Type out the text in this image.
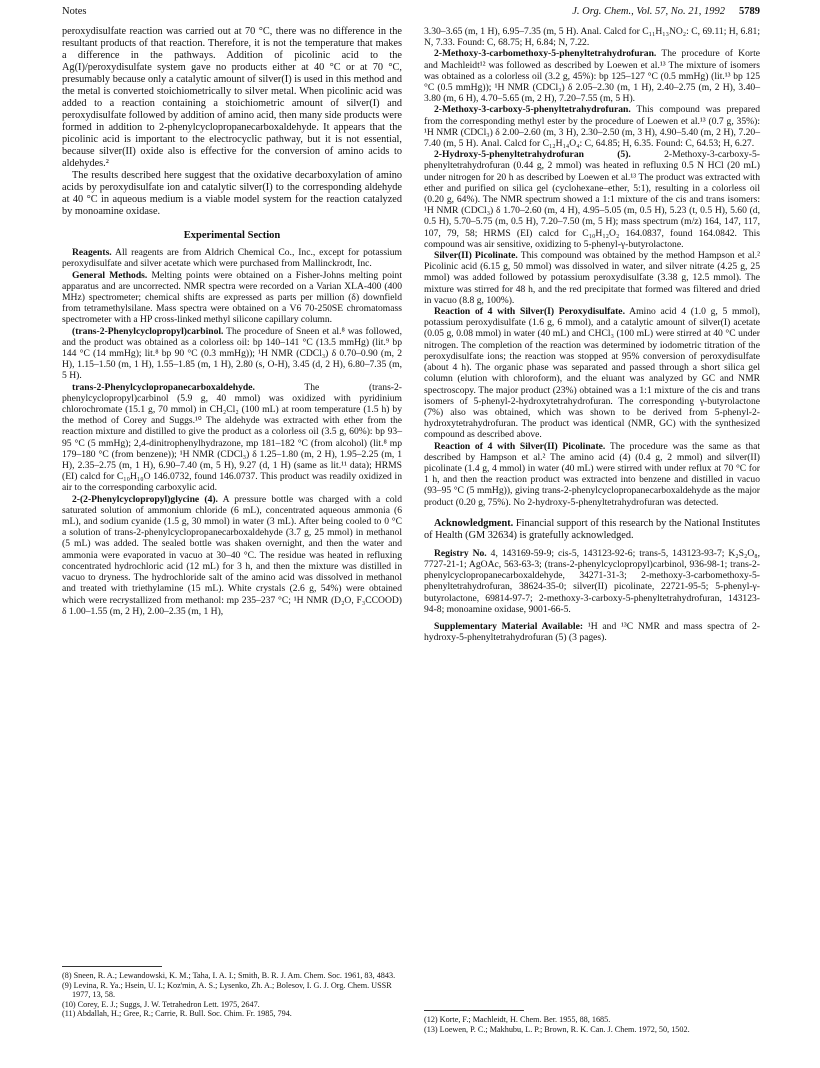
Notes	J. Org. Chem., Vol. 57, No. 21, 1992 5789

peroxydisulfate reaction was carried out at 70 °C, there was no difference in the resultant products of that reaction. Therefore, it is not the temperature that makes a difference in the pathways. Addition of picolinic acid to the Ag(I)/peroxydisulfate system gave no products either at 40 °C or at 70 °C, presumably because only a catalytic amount of silver(I) is used in this method and the metal is converted stoichiometrically to silver metal. When picolinic acid was added to a reaction containing a stoichiometric amount of silver(I) and peroxydisulfate followed by addition of amino acid, then many side products were formed in addition to 2-phenylcyclopropanecarboxaldehyde. It appears that the picolinic acid is important to the electrocyclic pathway, but it is not essential, because silver(II) oxide also is effective for the conversion of amino acids to aldehydes.²

The results described here suggest that the oxidative decarboxylation of amino acids by peroxydisulfate ion and catalytic silver(I) to the corresponding aldehyde at 40 °C in aqueous medium is a viable model system for the reaction catalyzed by monoamine oxidase.

Experimental Section

Reagents. All reagents are from Aldrich Chemical Co., Inc., except for potassium peroxydisulfate and silver acetate which were purchased from Mallinckrodt, Inc.

General Methods. Melting points were obtained on a Fisher-Johns melting point apparatus and are uncorrected. NMR spectra were recorded on a Varian XLA-400 (400 MHz) spectrometer; chemical shifts are expressed as parts per million (δ) downfield from tetramethylsilane. Mass spectra were obtained on a V6 70-250SE chromatomass spectrometer with a HP cross-linked methyl silicone capillary column.

(trans-2-Phenylcyclopropyl)carbinol. The procedure of Sneen et al.⁸ was followed, and the product was obtained as a colorless oil: bp 140–141 °C (13.5 mmHg) (lit.⁹ bp 144 °C (14 mmHg); lit.⁸ bp 90 °C (0.3 mmHg)); ¹H NMR (CDCl₃) δ 0.70–0.90 (m, 2 H), 1.15–1.50 (m, 1 H), 1.55–1.85 (m, 1 H), 2.80 (s, O-H), 3.45 (d, 2 H), 6.80–7.35 (m, 5 H).

trans-2-Phenylcyclopropanecarboxaldehyde. The (trans-2-phenylcyclopropyl)carbinol (5.9 g, 40 mmol) was oxidized with pyridinium chlorochromate (15.1 g, 70 mmol) in CH₂Cl₂ (100 mL) at room temperature (1.5 h) by the method of Corey and Suggs.¹⁰ The aldehyde was extracted with ether from the reaction mixture and distilled to give the product as a colorless oil (3.5 g, 60%): bp 93–95 °C (5 mmHg); 2,4-dinitrophenylhydrazone, mp 181–182 °C (from alcohol) (lit.⁸ mp 179–180 °C (from benzene)); ¹H NMR (CDCl₃) δ 1.25–1.80 (m, 2 H), 1.95–2.25 (m, 1 H), 2.35–2.75 (m, 1 H), 6.90–7.40 (m, 5 H), 9.27 (d, 1 H) (same as lit.¹¹ data); HRMS (EI) calcd for C₁₀H₁₀O 146.0732, found 146.0737. This product was readily oxidized in air to the corresponding carboxylic acid.

2-(2-Phenylcyclopropyl)glycine (4). A pressure bottle was charged with a cold saturated solution of ammonium chloride (6 mL), concentrated aqueous ammonia (6 mL), and sodium cyanide (1.5 g, 30 mmol) in water (3 mL). After being cooled to 0 °C a solution of trans-2-phenylcyclopropanecarboxaldehyde (3.7 g, 25 mmol) in methanol (5 mL) was added. The sealed bottle was shaken overnight, and then the water and ammonia were evaporated in vacuo at 30–40 °C. The residue was heated in refluxing concentrated hydrochloric acid (12 mL) for 3 h, and then the mixture was distilled in vacuo to dryness. The hydrochloride salt of the amino acid was dissolved in methanol and treated with triethylamine (15 mL). White crystals (2.6 g, 54%) were obtained which were recrystallized from methanol: mp 235–237 °C; ¹H NMR (D₂O, F₃CCOOD) δ 1.00–1.55 (m, 2 H), 2.00–2.35 (m, 1 H),

3.30–3.65 (m, 1 H), 6.95–7.35 (m, 5 H). Anal. Calcd for C₁₁H₁₃NO₂: C, 69.11; H, 6.81; N, 7.33. Found: C, 68.75; H, 6.84; N, 7.22.

2-Methoxy-3-carbomethoxy-5-phenyltetrahydrofuran. The procedure of Korte and Machleidt¹² was followed as described by Loewen et al.¹³ The mixture of isomers was obtained as a colorless oil (3.2 g, 45%): bp 125–127 °C (0.5 mmHg) (lit.¹³ bp 125 °C (0.5 mmHg)); ¹H NMR (CDCl₃) δ 2.05–2.30 (m, 1 H), 2.40–2.75 (m, 2 H), 3.40–3.80 (m, 6 H), 4.70–5.65 (m, 2 H), 7.20–7.55 (m, 5 H).

2-Methoxy-3-carboxy-5-phenyltetrahydrofuran. This compound was prepared from the corresponding methyl ester by the procedure of Loewen et al.¹³ (0.7 g, 35%): ¹H NMR (CDCl₃) δ 2.00–2.60 (m, 3 H), 2.30–2.50 (m, 3 H), 4.90–5.40 (m, 2 H), 7.20–7.40 (m, 5 H). Anal. Calcd for C₁₂H₁₄O₄: C, 64.85; H, 6.35. Found: C, 64.53; H, 6.27.

2-Hydroxy-5-phenyltetrahydrofuran (5). 2-Methoxy-3-carboxy-5-phenyltetrahydrofuran (0.44 g, 2 mmol) was heated in refluxing 0.5 N HCl (20 mL) under nitrogen for 20 h as described by Loewen et al.¹³ The product was extracted with ether and purified on silica gel (cyclohexane–ether, 5:1), resulting in a colorless oil (0.20 g, 64%). The NMR spectrum showed a 1:1 mixture of the cis and trans isomers: ¹H NMR (CDCl₃) δ 1.70–2.60 (m, 4 H), 4.95–5.05 (m, 0.5 H), 5.23 (t, 0.5 H), 5.60 (d, 0.5 H), 5.70–5.75 (m, 0.5 H), 7.20–7.50 (m, 5 H); mass spectrum (m/z) 164, 147, 117, 107, 79, 58; HRMS (EI) calcd for C₁₀H₁₂O₂ 164.0837, found 164.0842. This compound was air sensitive, oxidizing to 5-phenyl-γ-butyrolactone.

Silver(II) Picolinate. This compound was obtained by the method Hampson et al.² Picolinic acid (6.15 g, 50 mmol) was dissolved in water, and silver nitrate (4.25 g, 25 mmol) was added followed by potassium peroxydisulfate (3.38 g, 12.5 mmol). The mixture was stirred for 48 h, and the red precipitate that formed was filtered and dried in vacuo (8.8 g, 100%).

Reaction of 4 with Silver(I) Peroxydisulfate. Amino acid 4 (1.0 g, 5 mmol), potassium peroxydisulfate (1.6 g, 6 mmol), and a catalytic amount of silver(I) acetate (0.05 g, 0.08 mmol) in water (40 mL) and CHCl₃ (100 mL) were stirred at 40 °C under nitrogen. The completion of the reaction was determined by iodometric titration of the peroxydisulfate ions; the reaction was stopped at 95% conversion of peroxydisulfate (about 4 h). The organic phase was separated and passed through a short silica gel column (elution with chloroform), and the eluant was analyzed by GC and NMR spectroscopy. The major product (23%) obtained was a 1:1 mixture of the cis and trans isomers of 5-phenyl-2-hydroxytetrahydrofuran. The corresponding γ-butyrolactone (7%) also was obtained, which was shown to be derived from 5-phenyl-2-hydroxytetrahydrofuran. The product was identical (NMR, GC) with the synthesized compound as described above.

Reaction of 4 with Silver(II) Picolinate. The procedure was the same as that described by Hampson et al.² The amino acid (4) (0.4 g, 2 mmol) and silver(II) picolinate (1.4 g, 4 mmol) in water (40 mL) were stirred with under reflux at 70 °C for 1 h, and then the reaction product was extracted into benzene and distilled in vacuo (93–95 °C (5 mmHg)), giving trans-2-phenylcyclopropanecarboxaldehyde as the major product (0.20 g, 75%). No 2-hydroxy-5-phenyltetrahydrofuran was detected.

Acknowledgment. Financial support of this research by the National Institutes of Health (GM 32634) is gratefully acknowledged.

Registry No. 4, 143169-59-9; cis-5, 143123-92-6; trans-5, 143123-93-7; K₂S₂O₈, 7727-21-1; AgOAc, 563-63-3; (trans-2-phenylcyclopropyl)carbinol, 936-98-1; trans-2-phenylcyclopropanecarboxaldehyde, 34271-31-3; 2-methoxy-3-carbomethoxy-5-phenyltetrahydrofuran, 38624-35-0; silver(II) picolinate, 22721-95-5; 5-phenyl-γ-butyrolactone, 69814-97-7; 2-methoxy-3-carboxy-5-phenyltetrahydrofuran, 143123-94-8; monoamine oxidase, 9001-66-5.

Supplementary Material Available: ¹H and ¹³C NMR and mass spectra of 2-hydroxy-5-phenyltetrahydrofuran (5) (3 pages).

(8) Sneen, R. A.; Lewandowski, K. M.; Taha, I. A. I.; Smith, B. R. J. Am. Chem. Soc. 1961, 83, 4843.
(9) Levina, R. Ya.; Hsein, U. I.; Koz'min, A. S.; Lysenko, Zh. A.; Bolesov, I. G. J. Org. Chem. USSR 1977, 13, 58.
(10) Corey, E. J.; Suggs, J. W. Tetrahedron Lett. 1975, 2647.
(11) Abdallah, H.; Gree, R.; Carrie, R. Bull. Soc. Chim. Fr. 1985, 794.
(12) Korte, F.; Machleidt, H. Chem. Ber. 1955, 88, 1685.
(13) Loewen, P. C.; Makhubu, L. P.; Brown, R. K. Can. J. Chem. 1972, 50, 1502.
